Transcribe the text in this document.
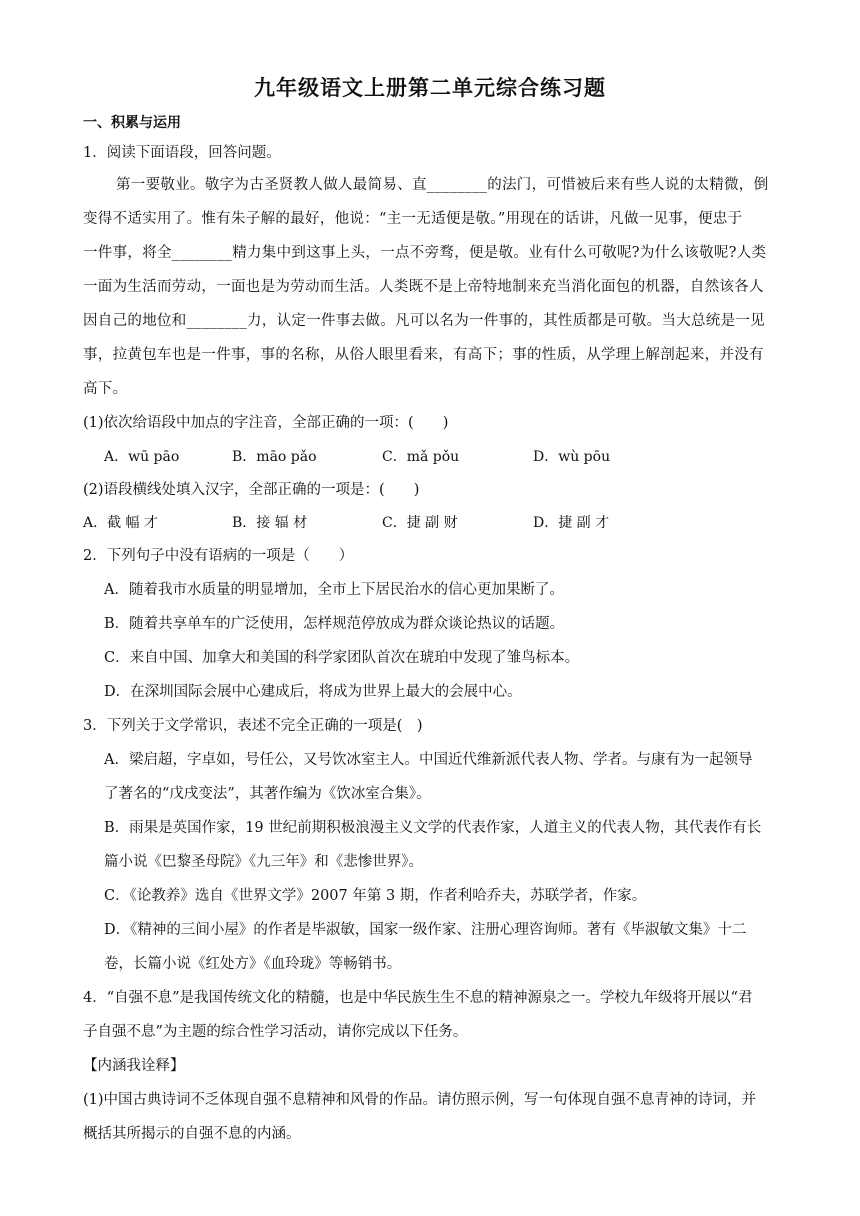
九年级语文上册第二单元综合练习题
一、积累与运用
1．阅读下面语段，回答问题。
第一要敬业。敬字为古圣贤教人做人最简易、直________的法门，可惜被后来有些人说的太精微，倒
变得不适实用了。惟有朱子解的最好，他说：“主一无适便是敬。”用现在的话讲，凡做一见事，便忠于
一件事，将全________精力集中到这事上头，一点不旁骛，便是敬。业有什么可敬呢?为什么该敬呢?人类
一面为生活而劳动，一面也是为劳动而生活。人类既不是上帝特地制来充当消化面包的机器，自然该各人
因自己的地位和________力，认定一件事去做。凡可以名为一件事的，其性质都是可敬。当大总统是一见
事，拉黄包车也是一件事，事的名称，从俗人眼里看来，有高下；事的性质，从学理上解剖起来，并没有
高下。
(1)依次给语段中加点的字注音，全部正确的一项：(　　)
A．wū pāo	B．māo pǎo	C．mǎ pǒu	D．wù pōu
(2)语段横线处填入汉字，全部正确的一项是：(　　)
A．截 幅 才	B．接 辐 材	C．捷 副 财	D．捷 副 才
2．下列句子中没有语病的一项是（　　）
A．随着我市水质量的明显增加，全市上下居民治水的信心更加果断了。
B．随着共享单车的广泛使用，怎样规范停放成为群众谈论热议的话题。
C．来自中国、加拿大和美国的科学家团队首次在琥珀中发现了雏鸟标本。
D．在深圳国际会展中心建成后，将成为世界上最大的会展中心。
3．下列关于文学常识，表述不完全正确的一项是(　)
A．梁启超，字卓如，号任公，又号饮冰室主人。中国近代维新派代表人物、学者。与康有为一起领导
了著名的“戊戌变法”，其著作编为《饮冰室合集》。
B．雨果是英国作家，19 世纪前期积极浪漫主义文学的代表作家，人道主义的代表人物，其代表作有长
篇小说《巴黎圣母院》《九三年》和《悲惨世界》。
C．《论教养》选自《世界文学》2007 年第 3 期，作者利哈乔夫，苏联学者，作家。
D．《精神的三间小屋》的作者是毕淑敏，国家一级作家、注册心理咨询师。著有《毕淑敏文集》十二
卷，长篇小说《红处方》《血玲珑》等畅销书。
4．“自强不息”是我国传统文化的精髓，也是中华民族生生不息的精神源泉之一。学校九年级将开展以“君
子自强不息”为主题的综合性学习活动，请你完成以下任务。
【内涵我诠释】
(1)中国古典诗词不乏体现自强不息精神和风骨的作品。请仿照示例，写一句体现自强不息青神的诗词，并
概括其所揭示的自强不息的内涵。
